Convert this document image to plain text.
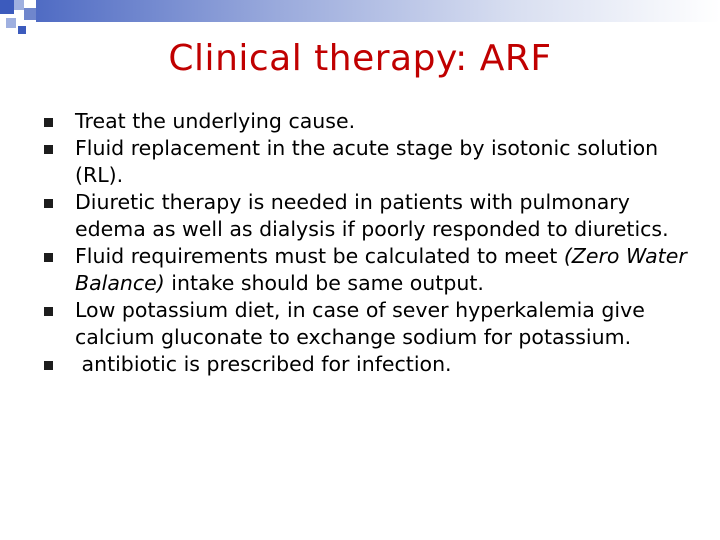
Clinical therapy: ARF
Treat the underlying cause.
Fluid replacement in the acute stage by isotonic solution (RL).
Diuretic therapy is needed in patients with pulmonary edema as well as dialysis if poorly responded to diuretics.
Fluid requirements must be calculated to meet (Zero Water Balance) intake should be same output.
Low potassium diet, in case of sever hyperkalemia give calcium gluconate to exchange sodium for potassium.
antibiotic is prescribed for infection.
